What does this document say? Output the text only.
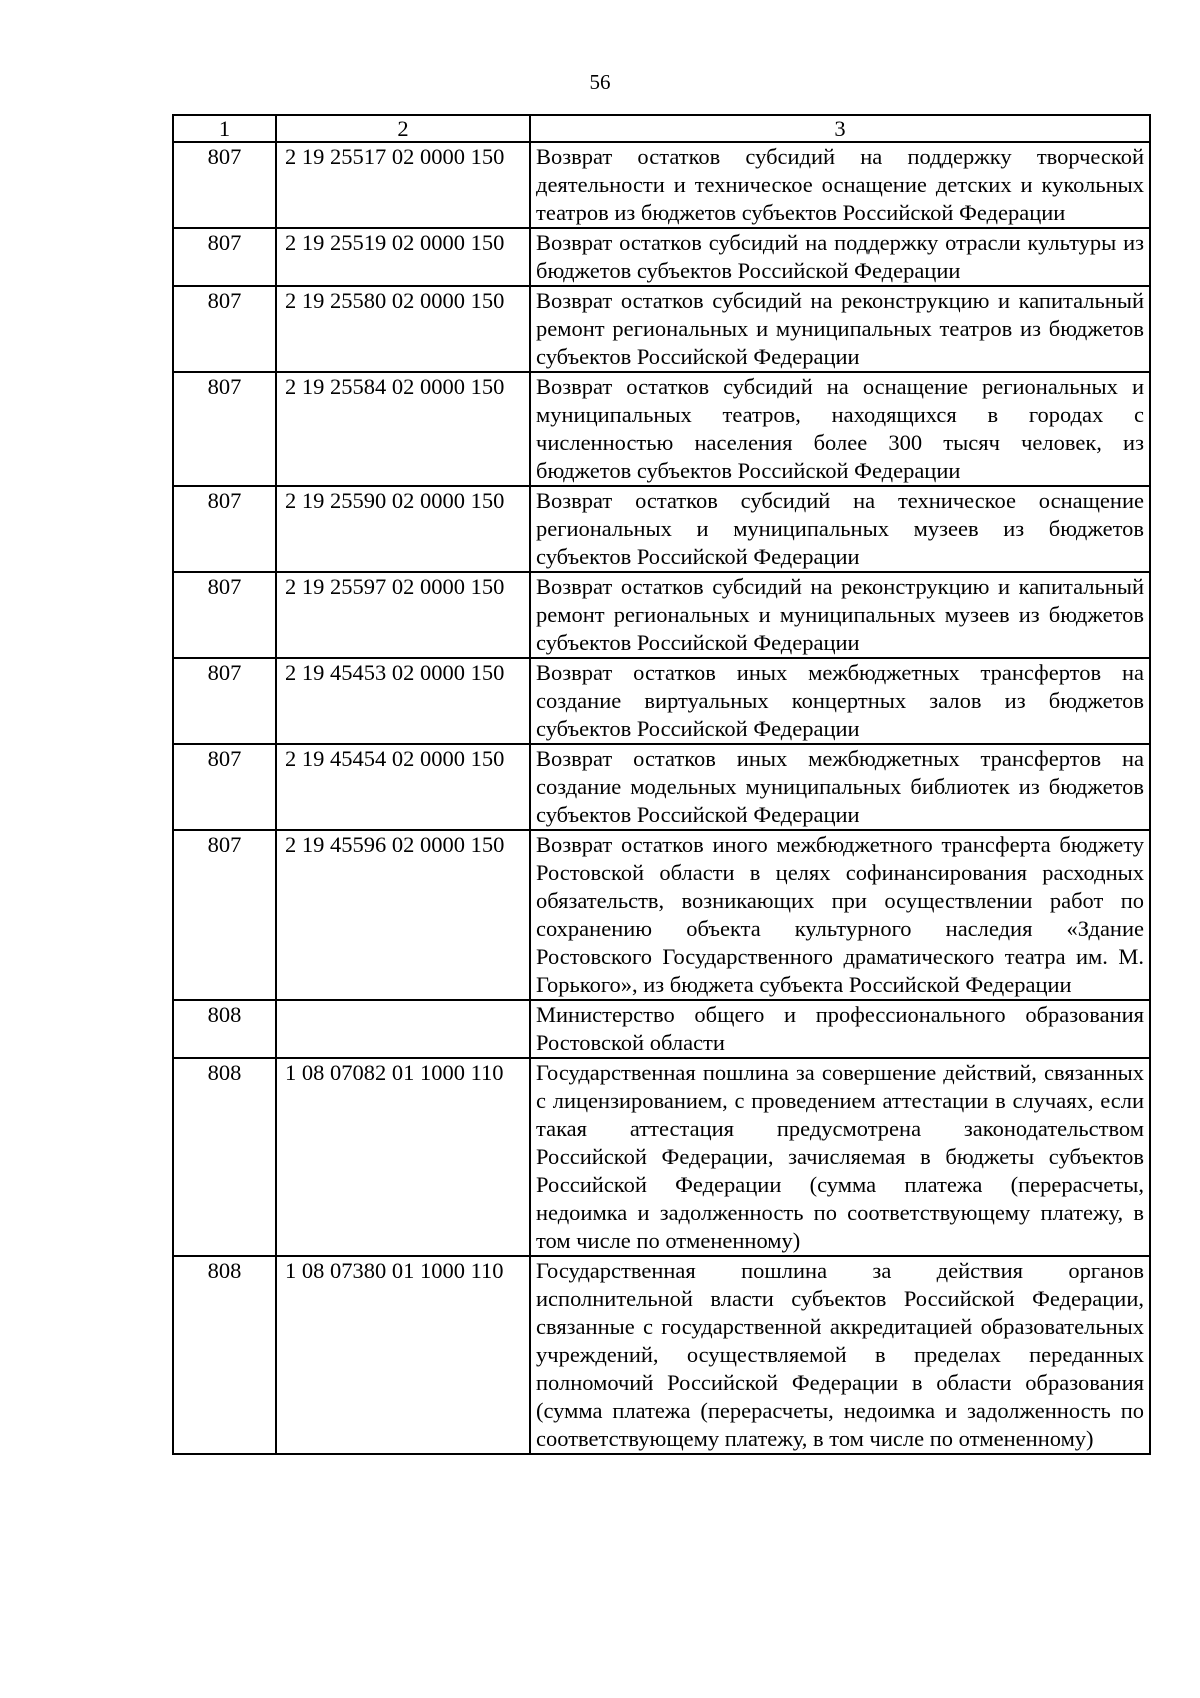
56
1	2	3
807	2 19 25517 02 0000 150	Возврат остатков субсидий на поддержку творческой деятельности и техническое оснащение детских и кукольных театров из бюджетов субъектов Российской Федерации
807	2 19 25519 02 0000 150	Возврат остатков субсидий на поддержку отрасли культуры из бюджетов субъектов Российской Федерации
807	2 19 25580 02 0000 150	Возврат остатков субсидий на реконструкцию и капитальный ремонт региональных и муниципальных театров из бюджетов субъектов Российской Федерации
807	2 19 25584 02 0000 150	Возврат остатков субсидий на оснащение региональных и муниципальных театров, находящихся в городах с численностью населения более 300 тысяч человек, из бюджетов субъектов Российской Федерации
807	2 19 25590 02 0000 150	Возврат остатков субсидий на техническое оснащение региональных и муниципальных музеев из бюджетов субъектов Российской Федерации
807	2 19 25597 02 0000 150	Возврат остатков субсидий на реконструкцию и капитальный ремонт региональных и муниципальных музеев из бюджетов субъектов Российской Федерации
807	2 19 45453 02 0000 150	Возврат остатков иных межбюджетных трансфертов на создание виртуальных концертных залов из бюджетов субъектов Российской Федерации
807	2 19 45454 02 0000 150	Возврат остатков иных межбюджетных трансфертов на создание модельных муниципальных библиотек из бюджетов субъектов Российской Федерации
807	2 19 45596 02 0000 150	Возврат остатков иного межбюджетного трансферта бюджету Ростовской области в целях софинансирования расходных обязательств, возникающих при осуществлении работ по сохранению объекта культурного наследия «Здание Ростовского Государственного драматического театра им. М. Горького», из бюджета субъекта Российской Федерации
808		Министерство общего и профессионального образования Ростовской области
808	1 08 07082 01 1000 110	Государственная пошлина за совершение действий, связанных с лицензированием, с проведением аттестации в случаях, если такая аттестация предусмотрена законодательством Российской Федерации, зачисляемая в бюджеты субъектов Российской Федерации (сумма платежа (перерасчеты, недоимка и задолженность по соответствующему платежу, в том числе по отмененному)
808	1 08 07380 01 1000 110	Государственная пошлина за действия органов исполнительной власти субъектов Российской Федерации, связанные с государственной аккредитацией образовательных учреждений, осуществляемой в пределах переданных полномочий Российской Федерации в области образования (сумма платежа (перерасчеты, недоимка и задолженность по соответствующему платежу, в том числе по отмененному)
